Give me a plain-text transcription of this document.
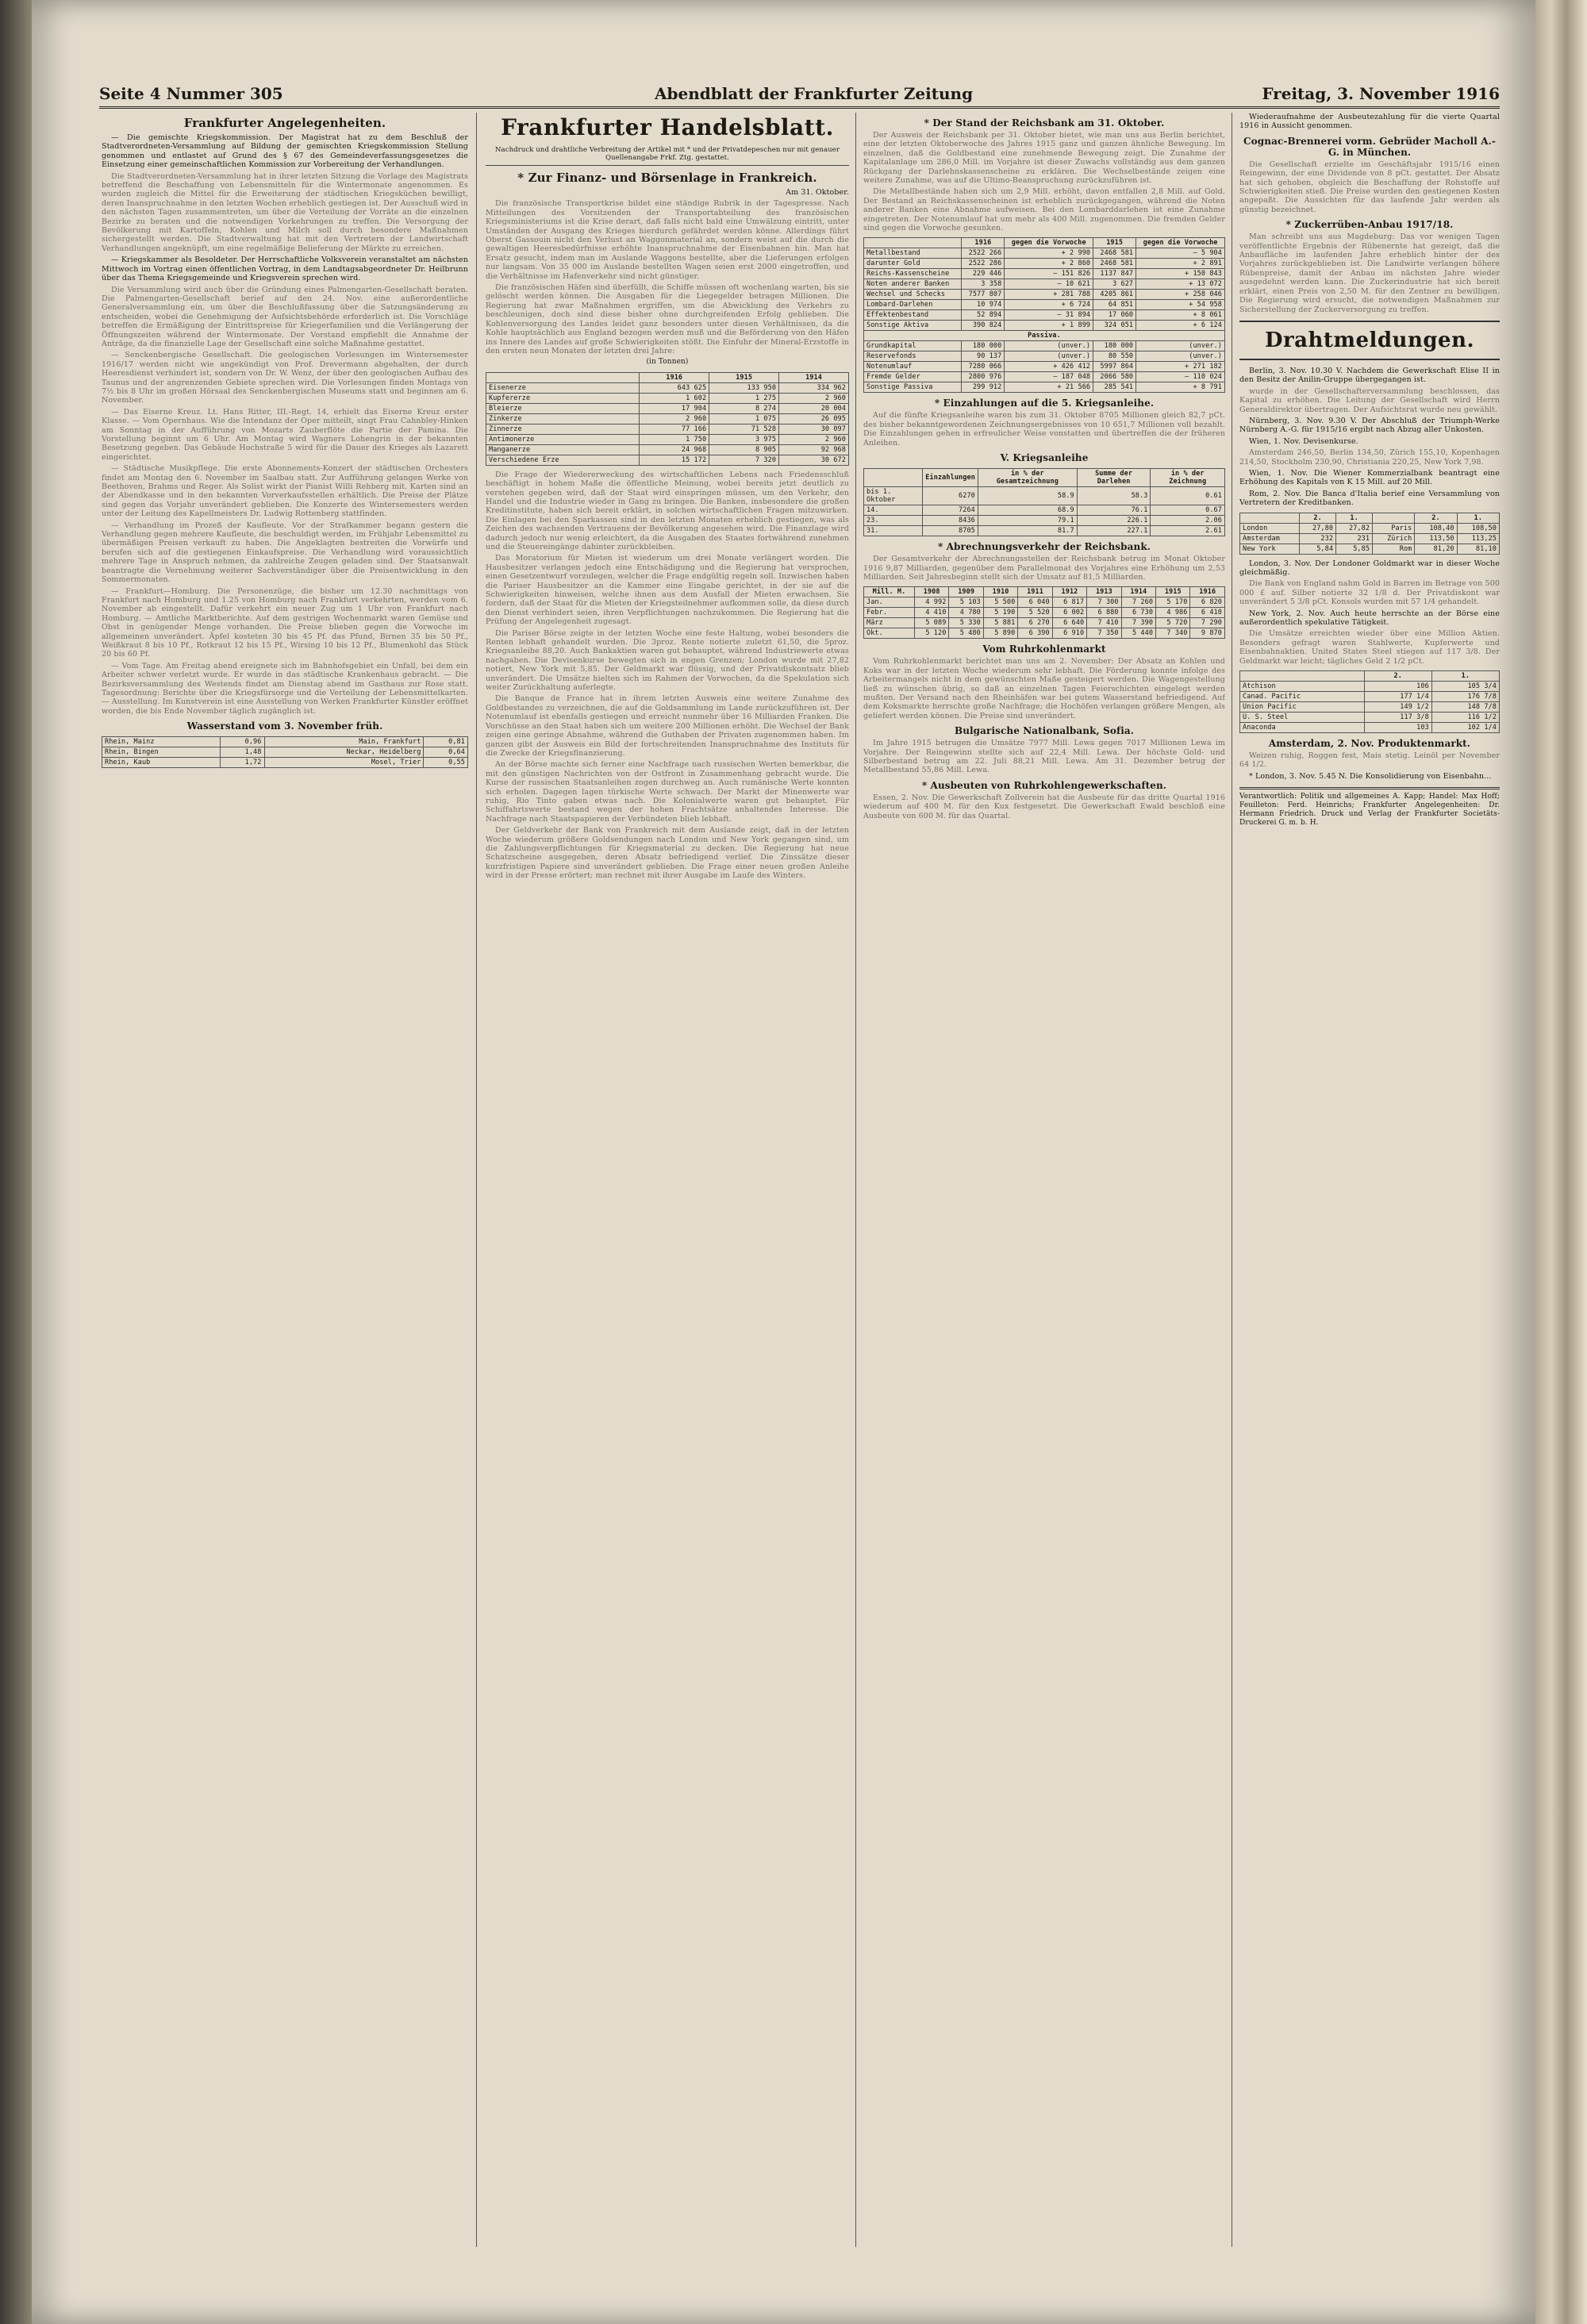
Seite 4 Nummer 305	Abendblatt der Frankfurter Zeitung	Freitag, 3. November 1916
Frankfurter Angelegenheiten.

— Die gemischte Kriegskommission. Der Magistrat hat zu dem Beschluß der Stadtverordneten-Versammlung auf Bildung der gemischten Kriegskommission Stellung genommen und entlastet auf Grund des § 67 des Gemeindeverfassungsgesetzes die Einsetzung einer gemeinschaftlichen Kommission zur Vorbereitung der Verhandlungen.

Die Stadtverordneten-Versammlung hat in ihrer letzten Sitzung die Vorlage des Magistrats betreffend die Beschaffung von Lebensmitteln für die Wintermonate angenommen. Es wurden zugleich die Mittel für die Erweiterung der städtischen Kriegsküchen bewilligt, deren Inanspruchnahme in den letzten Wochen erheblich gestiegen ist. Der Ausschuß wird in den nächsten Tagen zusammentreten, um über die Verteilung der Vorräte an die einzelnen Bezirke zu beraten und die notwendigen Vorkehrungen zu treffen. Die Versorgung der Bevölkerung mit Kartoffeln, Kohlen und Milch soll durch besondere Maßnahmen sichergestellt werden. Die Stadtverwaltung hat mit den Vertretern der Landwirtschaft Verhandlungen angeknüpft, um eine regelmäßige Belieferung der Märkte zu erreichen.

— Kriegskammer als Besoldeter. Der Herrschaftliche Volksverein veranstaltet am nächsten Mittwoch im Vortrag einen öffentlichen Vortrag, in dem Landtagsabgeordneter Dr. Heilbrunn über das Thema Kriegsgemeinde und Kriegsverein sprechen wird.

Die Versammlung wird auch über die Gründung eines Palmengarten-Gesellschaft beraten. Die Palmengarten-Gesellschaft berief auf den 24. Nov. eine außerordentliche Generalversammlung ein, um über die Beschlußfassung über die Satzungsänderung zu entscheiden, wobei die Genehmigung der Aufsichtsbehörde erforderlich ist. Die Vorschläge betreffen die Ermäßigung der Eintrittspreise für Kriegerfamilien und die Verlängerung der Öffnungszeiten während der Wintermonate. Der Vorstand empfiehlt die Annahme der Anträge, da die finanzielle Lage der Gesellschaft eine solche Maßnahme gestattet.

— Senckenbergische Gesellschaft. Die geologischen Vorlesungen im Wintersemester 1916/17 werden nicht wie angekündigt von Prof. Drevermann abgehalten, der durch Heeresdienst verhindert ist, sondern von Dr. W. Wenz, der über den geologischen Aufbau des Taunus und der angrenzenden Gebiete sprechen wird. Die Vorlesungen finden Montags von 7½ bis 8 Uhr im großen Hörsaal des Senckenbergischen Museums statt und beginnen am 6. November.

— Das Eiserne Kreuz. Lt. Hans Ritter, III.-Regt. 14, erhielt das Eiserne Kreuz erster Klasse. — Vom Opernhaus. Wie die Intendanz der Oper mitteilt, singt Frau Cahnbley-Hinken am Sonntag in der Aufführung von Mozarts Zauberflöte die Partie der Pamina. Die Vorstellung beginnt um 6 Uhr. Am Montag wird Wagners Lohengrin in der bekannten Besetzung gegeben. Das Gebäude Hochstraße 5 wird für die Dauer des Krieges als Lazarett eingerichtet.

— Städtische Musikpflege. Die erste Abonnements-Konzert der städtischen Orchesters findet am Montag den 6. November im Saalbau statt. Zur Aufführung gelangen Werke von Beethoven, Brahms und Reger. Als Solist wirkt der Pianist Willi Rehberg mit. Karten sind an der Abendkasse und in den bekannten Vorverkaufsstellen erhältlich. Die Preise der Plätze sind gegen das Vorjahr unverändert geblieben. Die Konzerte des Wintersemesters werden unter der Leitung des Kapellmeisters Dr. Ludwig Rottenberg stattfinden.

— Verhandlung im Prozeß der Kaufleute. Vor der Strafkammer begann gestern die Verhandlung gegen mehrere Kaufleute, die beschuldigt werden, im Frühjahr Lebensmittel zu übermäßigen Preisen verkauft zu haben. Die Angeklagten bestreiten die Vorwürfe und berufen sich auf die gestiegenen Einkaufspreise. Die Verhandlung wird voraussichtlich mehrere Tage in Anspruch nehmen, da zahlreiche Zeugen geladen sind. Der Staatsanwalt beantragte die Vernehmung weiterer Sachverständiger über die Preisentwicklung in den Sommermonaten.

— Frankfurt—Homburg. Die Personenzüge, die bisher um 12.30 nachmittags von Frankfurt nach Homburg und 1.25 von Homburg nach Frankfurt verkehrten, werden vom 6. November ab eingestellt. Dafür verkehrt ein neuer Zug um 1 Uhr von Frankfurt nach Homburg. — Amtliche Marktberichte. Auf dem gestrigen Wochenmarkt waren Gemüse und Obst in genügender Menge vorhanden. Die Preise blieben gegen die Vorwoche im allgemeinen unverändert. Äpfel kosteten 30 bis 45 Pf. das Pfund, Birnen 35 bis 50 Pf., Weißkraut 8 bis 10 Pf., Rotkraut 12 bis 15 Pf., Wirsing 10 bis 12 Pf., Blumenkohl das Stück 20 bis 60 Pf.

— Vom Tage. Am Freitag abend ereignete sich im Bahnhofsgebiet ein Unfall, bei dem ein Arbeiter schwer verletzt wurde. Er wurde in das städtische Krankenhaus gebracht. — Die Bezirksversammlung des Westends findet am Dienstag abend im Gasthaus zur Rose statt. Tagesordnung: Berichte über die Kriegsfürsorge und die Verteilung der Lebensmittelkarten. — Ausstellung. Im Kunstverein ist eine Ausstellung von Werken Frankfurter Künstler eröffnet worden, die bis Ende November täglich zugänglich ist.

Wasserstand vom 3. November früh.
Rhein, Mainz	0,96	Main, Frankfurt	0,81
Rhein, Bingen	1,48	Neckar, Heidelberg	0,64
Rhein, Kaub	1,72	Mosel, Trier	0,55
Frankfurter Handelsblatt.
Nachdruck und drahtliche Verbreitung der Artikel mit * und der Privatdepeschen nur mit genauer Quellenangabe Frkf. Ztg. gestattet.
* Zur Finanz- und Börsenlage in Frankreich.
Am 31. Oktober.

Die französische Transportkrise bildet eine ständige Rubrik in der Tagespresse. Nach Mitteilungen des Vorsitzenden der Transportabteilung des französischen Kriegsministeriums ist die Krise derart, daß falls nicht bald eine Umwälzung eintritt, unter Umständen der Ausgang des Krieges hierdurch gefährdet werden könne. Allerdings führt Oberst Gassouin nicht den Verlust an Waggonmaterial an, sondern weist auf die durch die gewaltigen Heeresbedürfnisse erhöhte Inanspruchnahme der Eisenbahnen hin. Man hat Ersatz gesucht, indem man im Auslande Waggons bestellte, aber die Lieferungen erfolgen nur langsam. Von 35 000 im Auslande bestellten Wagen seien erst 2000 eingetroffen, und die Verhältnisse im Hafenverkehr sind nicht günstiger.

Die französischen Häfen sind überfüllt, die Schiffe müssen oft wochenlang warten, bis sie gelöscht werden können. Die Ausgaben für die Liegegelder betragen Millionen. Die Regierung hat zwar Maßnahmen ergriffen, um die Abwicklung des Verkehrs zu beschleunigen, doch sind diese bisher ohne durchgreifenden Erfolg geblieben. Die Kohlenversorgung des Landes leidet ganz besonders unter diesen Verhältnissen, da die Kohle hauptsächlich aus England bezogen werden muß und die Beförderung von den Häfen ins Innere des Landes auf große Schwierigkeiten stößt. Die Einfuhr der Mineral-Erzstoffe in den ersten neun Monaten der letzten drei Jahre:

(in Tonnen)
	1916	1915	1914
Eisenerze	643 625	133 950	334 962
Kupfererze	1 602	1 275	2 960
Bleierze	17 904	8 274	20 004
Zinkerze	2 960	1 075	26 095
Zinnerze	77 166	71 528	30 097
Antimonerze	1 750	3 975	2 960
Manganerze	24 968	8 905	92 968
Verschiedene Erze	15 172	7 320	30 672

Die Frage der Wiedererweckung des wirtschaftlichen Lebens nach Friedensschluß beschäftigt in hohem Maße die öffentliche Meinung, wobei bereits jetzt deutlich zu verstehen gegeben wird, daß der Staat wird einspringen müssen, um den Verkehr, den Handel und die Industrie wieder in Gang zu bringen. Die Banken, insbesondere die großen Kreditinstitute, haben sich bereit erklärt, in solchen wirtschaftlichen Fragen mitzuwirken. Die Einlagen bei den Sparkassen sind in den letzten Monaten erheblich gestiegen, was als Zeichen des wachsenden Vertrauens der Bevölkerung angesehen wird. Die Finanzlage wird dadurch jedoch nur wenig erleichtert, da die Ausgaben des Staates fortwährend zunehmen und die Steuereingänge dahinter zurückbleiben.

Das Moratorium für Mieten ist wiederum um drei Monate verlängert worden. Die Hausbesitzer verlangen jedoch eine Entschädigung und die Regierung hat versprochen, einen Gesetzentwurf vorzulegen, welcher die Frage endgültig regeln soll. Inzwischen haben die Pariser Hausbesitzer an die Kammer eine Eingabe gerichtet, in der sie auf die Schwierigkeiten hinweisen, welche ihnen aus dem Ausfall der Mieten erwachsen. Sie fordern, daß der Staat für die Mieten der Kriegsteilnehmer aufkommen solle, da diese durch den Dienst verhindert seien, ihren Verpflichtungen nachzukommen. Die Regierung hat die Prüfung der Angelegenheit zugesagt.

Die Pariser Börse zeigte in der letzten Woche eine feste Haltung, wobei besonders die Renten lebhaft gehandelt wurden. Die 3proz. Rente notierte zuletzt 61,50, die 5proz. Kriegsanleihe 88,20. Auch Bankaktien waren gut behauptet, während Industriewerte etwas nachgaben. Die Devisenkurse bewegten sich in engen Grenzen; London wurde mit 27,82 notiert, New York mit 5,85. Der Geldmarkt war flüssig, und der Privatdiskontsatz blieb unverändert. Die Umsätze hielten sich im Rahmen der Vorwochen, da die Spekulation sich weiter Zurückhaltung auferlegte.

Die Banque de France hat in ihrem letzten Ausweis eine weitere Zunahme des Goldbestandes zu verzeichnen, die auf die Goldsammlung im Lande zurückzuführen ist. Der Notenumlauf ist ebenfalls gestiegen und erreicht nunmehr über 16 Milliarden Franken. Die Vorschüsse an den Staat haben sich um weitere 200 Millionen erhöht. Die Wechsel der Bank zeigen eine geringe Abnahme, während die Guthaben der Privaten zugenommen haben. Im ganzen gibt der Ausweis ein Bild der fortschreitenden Inanspruchnahme des Instituts für die Zwecke der Kriegsfinanzierung.

An der Börse machte sich ferner eine Nachfrage nach russischen Werten bemerkbar, die mit den günstigen Nachrichten von der Ostfront in Zusammenhang gebracht wurde. Die Kurse der russischen Staatsanleihen zogen durchweg an. Auch rumänische Werte konnten sich erholen. Dagegen lagen türkische Werte schwach. Der Markt der Minenwerte war ruhig, Rio Tinto gaben etwas nach. Die Kolonialwerte waren gut behauptet. Für Schiffahrtswerte bestand wegen der hohen Frachtsätze anhaltendes Interesse. Die Nachfrage nach Staatspapieren der Verbündeten blieb lebhaft.

Der Geldverkehr der Bank von Frankreich mit dem Auslande zeigt, daß in der letzten Woche wiederum größere Goldsendungen nach London und New York gegangen sind, um die Zahlungsverpflichtungen für Kriegsmaterial zu decken. Die Regierung hat neue Schatzscheine ausgegeben, deren Absatz befriedigend verlief. Die Zinssätze dieser kurzfristigen Papiere sind unverändert geblieben. Die Frage einer neuen großen Anleihe wird in der Presse erörtert; man rechnet mit ihrer Ausgabe im Laufe des Winters.

* Der Stand der Reichsbank am 31. Oktober.

Der Ausweis der Reichsbank per 31. Oktober bietet, wie man uns aus Berlin berichtet, eine der letzten Oktoberwoche des Jahres 1915 ganz und ganzen ähnliche Bewegung. Im einzelnen, daß die Goldbestand eine zunehmende Bewegung zeigt. Die Zunahme der Kapitalanlage um 286,0 Mill. im Vorjahre ist dieser Zuwachs vollständig aus dem ganzen Rückgang der Darlehnskassenscheine zu erklären. Die Wechselbestände zeigen eine weitere Zunahme, was auf die Ultimo-Beanspruchung zurückzuführen ist.

Die Metallbestände haben sich um 2,9 Mill. erhöht, davon entfallen 2,8 Mill. auf Gold. Der Bestand an Reichskassenscheinen ist erheblich zurückgegangen, während die Noten anderer Banken eine Abnahme aufweisen. Bei den Lombarddarlehen ist eine Zunahme eingetreten. Der Notenumlauf hat um mehr als 400 Mill. zugenommen. Die fremden Gelder sind gegen die Vorwoche gesunken.

	1916	gegen die Vorwoche	1915	gegen die Vorwoche
Metallbestand	2522 266	+ 2 990	2468 581	— 5 904
darunter Gold	2522 286	+ 2 860	2468 581	+ 2 891
Reichs-Kassenscheine	229 446	— 151 826	1137 847	+ 150 843
Noten anderer Banken	3 358	— 10 621	3 627	+ 13 072
Wechsel und Schecks	7577 807	+ 281 788	4205 861	+ 258 046
Lombard-Darlehen	10 974	+ 6 724	64 851	+ 54 958
Effektenbestand	52 894	— 31 894	17 060	+ 8 061
Sonstige Aktiva	390 824	+ 1 899	324 051	+ 6 124
Passiva.				
Grundkapital	180 000	(unver.)	180 000	(unver.)
Reservefonds	90 137	(unver.)	80 550	(unver.)
Notenumlauf	7280 066	+ 426 412	5997 864	+ 271 182
Fremde Gelder	2800 976	— 187 048	2066 580	— 110 024
Sonstige Passiva	299 912	+ 21 566	285 541	+ 8 791
* Einzahlungen auf die 5. Kriegsanleihe.

Auf die fünfte Kriegsanleihe waren bis zum 31. Oktober 8705 Millionen gleich 82,7 pCt. des bisher bekanntgewordenen Zeichnungsergebnisses von 10 651,7 Millionen voll bezahlt. Die Einzahlungen gehen in erfreulicher Weise vonstatten und übertreffen die der früheren Anleihen.

V. Kriegsanleihe
	Einzahlungen	in % der Gesamtzeichnung	Summe der Darlehen	in % der Zeichnung
bis 1. Oktober	6270	58.9	58.3	0.61
14.	7264	68.9	76.1	0.67
23.	8436	79.1	226.1	2.06
31.	8705	81.7	227.1	2.61
* Abrechnungsverkehr der Reichsbank.

Der Gesamtverkehr der Abrechnungsstellen der Reichsbank betrug im Monat Oktober 1916 9,87 Milliarden, gegenüber dem Parallelmonat des Vorjahres eine Erhöhung um 2,53 Milliarden. Seit Jahresbeginn stellt sich der Umsatz auf 81,5 Milliarden.

Mill. M.	1908	1909	1910	1911	1912	1913	1914	1915	1916
Jan.	4 992	5 103	5 500	6 040	6 817	7 300	7 260	5 170	6 820
Febr.	4 410	4 780	5 190	5 520	6 002	6 880	6 730	4 986	6 410
März	5 089	5 330	5 881	6 270	6 640	7 410	7 390	5 720	7 290
Okt.	5 120	5 480	5 890	6 390	6 910	7 350	5 440	7 340	9 870
Vom Ruhrkohlenmarkt

Vom Ruhrkohlenmarkt berichtet man uns am 2. November: Der Absatz an Kohlen und Koks war in der letzten Woche wiederum sehr lebhaft. Die Förderung konnte infolge des Arbeitermangels nicht in dem gewünschten Maße gesteigert werden. Die Wagengestellung ließ zu wünschen übrig, so daß an einzelnen Tagen Feierschichten eingelegt werden mußten. Der Versand nach den Rheinhäfen war bei gutem Wasserstand befriedigend. Auf dem Koksmarkte herrschte große Nachfrage; die Hochöfen verlangen größere Mengen, als geliefert werden können. Die Preise sind unverändert.

Bulgarische Nationalbank, Sofia.

Im Jahre 1915 betrugen die Umsätze 7977 Mill. Lewa gegen 7017 Millionen Lewa im Vorjahre. Der Reingewinn stellte sich auf 22,4 Mill. Lewa. Der höchste Gold- und Silberbestand betrug am 22. Juli 88,21 Mill. Lewa. Am 31. Dezember betrug der Metallbestand 55,86 Mill. Lewa.

* Ausbeuten von Ruhrkohlengewerkschaften.

Essen, 2. Nov. Die Gewerkschaft Zollverein hat die Ausbeute für das dritte Quartal 1916 wiederum auf 400 M. für den Kux festgesetzt. Die Gewerkschaft Ewald beschloß eine Ausbeute von 600 M. für das Quartal.

Wiederaufnahme der Ausbeutezahlung für die vierte Quartal 1916 in Aussicht genommen.

Cognac-Brennerei vorm. Gebrüder Macholl A.-G. in München.

Die Gesellschaft erzielte im Geschäftsjahr 1915/16 einen Reingewinn, der eine Dividende von 8 pCt. gestattet. Der Absatz hat sich gehoben, obgleich die Beschaffung der Rohstoffe auf Schwierigkeiten stieß. Die Preise wurden den gestiegenen Kosten angepaßt. Die Aussichten für das laufende Jahr werden als günstig bezeichnet.

* Zuckerrüben-Anbau 1917/18.

Man schreibt uns aus Magdeburg: Das vor wenigen Tagen veröffentlichte Ergebnis der Rübenernte hat gezeigt, daß die Anbaufläche im laufenden Jahre erheblich hinter der des Vorjahres zurückgeblieben ist. Die Landwirte verlangen höhere Rübenpreise, damit der Anbau im nächsten Jahre wieder ausgedehnt werden kann. Die Zuckerindustrie hat sich bereit erklärt, einen Preis von 2,50 M. für den Zentner zu bewilligen. Die Regierung wird ersucht, die notwendigen Maßnahmen zur Sicherstellung der Zuckerversorgung zu treffen.

Drahtmeldungen.

Berlin, 3. Nov. 10.30 V. Nachdem die Gewerkschaft Elise II in den Besitz der Anilin-Gruppe übergegangen ist.

wurde in der Gesellschafterversammlung beschlossen, das Kapital zu erhöhen. Die Leitung der Gesellschaft wird Herrn Generaldirektor übertragen. Der Aufsichtsrat wurde neu gewählt.

Nürnberg, 3. Nov. 9.30 V. Der Abschluß der Triumph-Werke Nürnberg A.-G. für 1915/16 ergibt nach Abzug aller Unkosten.

Wien, 1. Nov. Devisenkurse.

Amsterdam 246,50, Berlin 134,50, Zürich 155,10, Kopenhagen 214,50, Stockholm 230,90, Christiania 220,25, New York 7,98.

Wien, 1. Nov. Die Wiener Kommerzialbank beantragt eine Erhöhung des Kapitals von K 15 Mill. auf 20 Mill.

Rom, 2. Nov. Die Banca d'Italia berief eine Versammlung von Vertretern der Kreditbanken.

	2.	1.		2.	1.
London	27,80	27,82	Paris	108,40	108,50
Amsterdam	232	231	Zürich	113,50	113,25
New York	5,84	5,85	Rom	81,20	81,10

London, 3. Nov. Der Londoner Goldmarkt war in dieser Woche gleichmäßig.

Die Bank von England nahm Gold in Barren im Betrage von 500 000 £ auf. Silber notierte 32 1/8 d. Der Privatdiskont war unverändert 5 3/8 pCt. Konsols wurden mit 57 1/4 gehandelt.

New York, 2. Nov. Auch heute herrschte an der Börse eine außerordentlich spekulative Tätigkeit.

Die Umsätze erreichten wieder über eine Million Aktien. Besonders gefragt waren Stahlwerte, Kupferwerte und Eisenbahnaktien. United States Steel stiegen auf 117 3/8. Der Geldmarkt war leicht; tägliches Geld 2 1/2 pCt.

	2.	1.
Atchison	106	105 3/4
Canad. Pacific	177 1/4	176 7/8
Union Pacific	149 1/2	148 7/8
U. S. Steel	117 3/8	116 1/2
Anaconda	103	102 1/4
Amsterdam, 2. Nov. Produktenmarkt.

Weizen ruhig, Roggen fest, Mais stetig. Leinöl per November 64 1/2.

* London, 3. Nov. 5.45 N. Die Konsolidierung von Eisenbahn...

Verantwortlich: Politik und allgemeines A. Kapp; Handel: Max Hoff; Feuilleton: Ferd. Heinrichs; Frankfurter Angelegenheiten: Dr. Hermann Friedrich. Druck und Verlag der Frankfurter Societäts-Druckerei G. m. b. H.
